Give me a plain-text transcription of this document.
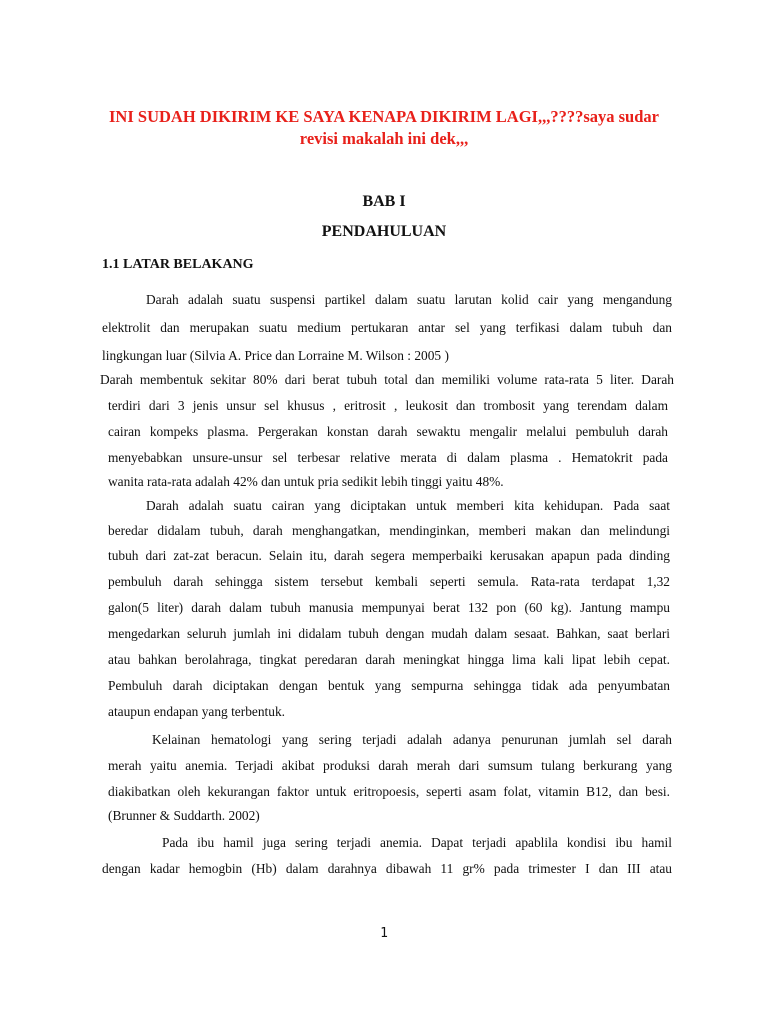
INI SUDAH DIKIRIM KE SAYA KENAPA DIKIRIM LAGI,,,????saya sudar
revisi makalah ini dek,,,
BAB I
PENDAHULUAN
1.1 LATAR BELAKANG
Darah adalah suatu suspensi partikel dalam suatu larutan kolid cair yang mengandung
elektrolit dan merupakan suatu medium pertukaran antar sel yang terfikasi dalam tubuh dan
lingkungan luar (Silvia A. Price dan Lorraine M. Wilson : 2005 )
Darah membentuk sekitar 80% dari berat tubuh total dan memiliki volume rata-rata 5 liter. Darah
terdiri dari 3 jenis unsur sel khusus , eritrosit , leukosit dan trombosit yang terendam dalam
cairan kompeks plasma. Pergerakan konstan darah sewaktu mengalir melalui pembuluh darah
menyebabkan unsure-unsur sel terbesar relative merata di dalam plasma . Hematokrit pada
wanita rata-rata adalah 42% dan untuk pria sedikit lebih tinggi yaitu 48%.
Darah adalah suatu cairan yang diciptakan untuk memberi kita kehidupan. Pada saat
beredar didalam tubuh, darah menghangatkan, mendinginkan, memberi makan dan melindungi
tubuh dari zat-zat beracun. Selain itu, darah segera memperbaiki kerusakan apapun pada dinding
pembuluh darah sehingga sistem tersebut kembali seperti semula. Rata-rata terdapat 1,32
galon(5 liter) darah dalam tubuh manusia mempunyai berat 132 pon (60 kg). Jantung mampu
mengedarkan seluruh jumlah ini didalam tubuh dengan mudah dalam sesaat. Bahkan, saat berlari
atau bahkan berolahraga, tingkat peredaran darah meningkat hingga lima kali lipat lebih cepat.
Pembuluh darah diciptakan dengan bentuk yang sempurna sehingga tidak ada penyumbatan
ataupun endapan yang terbentuk.
Kelainan hematologi yang sering terjadi adalah adanya penurunan jumlah sel darah
merah yaitu anemia. Terjadi akibat produksi darah merah dari sumsum tulang berkurang yang
diakibatkan oleh kekurangan faktor untuk eritropoesis, seperti asam folat, vitamin B12, dan besi.
(Brunner & Suddarth. 2002)
Pada ibu hamil juga sering terjadi anemia. Dapat terjadi apablila kondisi ibu hamil
dengan kadar hemogbin (Hb) dalam darahnya dibawah 11 gr% pada trimester I dan III atau
1
